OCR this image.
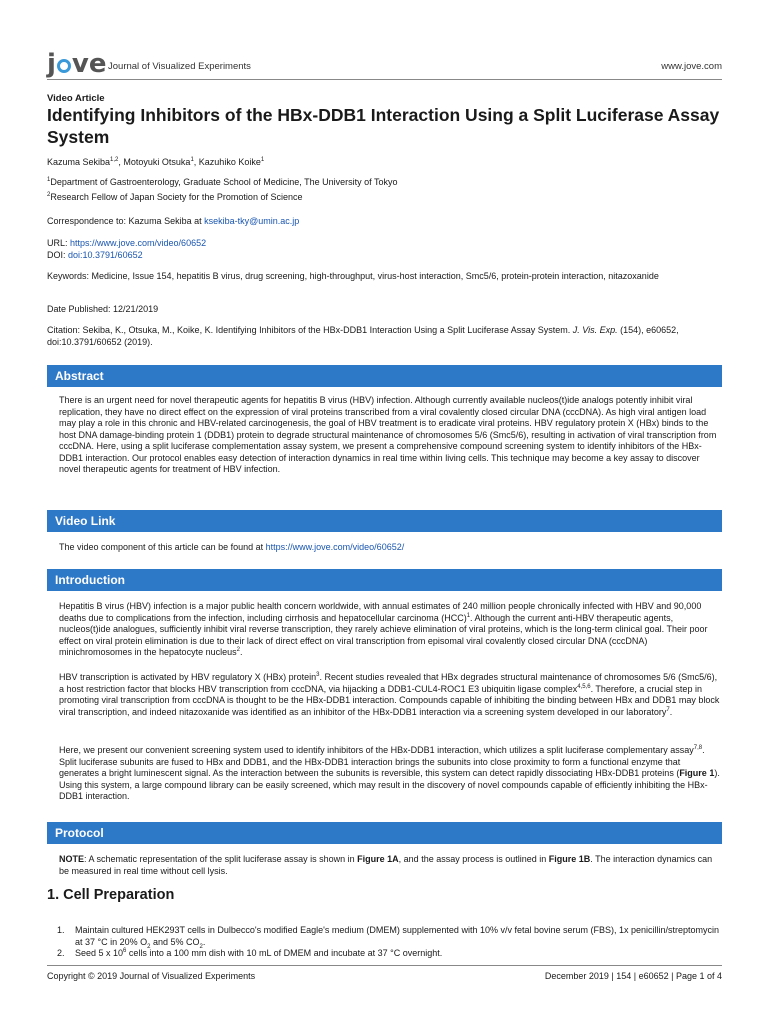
j ve Journal of Visualized Experiments	www.jove.com
Video Article
Identifying Inhibitors of the HBx-DDB1 Interaction Using a Split Luciferase Assay System

Kazuma Sekiba$^{1,2}$, Motoyuki Otsuka$^1$, Kazuhiko Koike$^1$

$^1$Department of Gastroenterology, Graduate School of Medicine, The University of Tokyo

$^2$Research Fellow of Japan Society for the Promotion of Science

Correspondence to: Kazuma Sekiba at ksekiba-tky@umin.ac.jp

URL: https://www.jove.com/video/60652

DOI: doi:10.3791/60652

Keywords: Medicine, Issue 154, hepatitis B virus, drug screening, high-throughput, virus-host interaction, Smc5/6, protein-protein interaction, nitazoxanide

Date Published: 12/21/2019

Citation: Sekiba, K., Otsuka, M., Koike, K. Identifying Inhibitors of the HBx-DDB1 Interaction Using a Split Luciferase Assay System. J. Vis. Exp. (154), e60652, doi:10.3791/60652 (2019).

Abstract

There is an urgent need for novel therapeutic agents for hepatitis B virus (HBV) infection. Although currently available nucleos(t)ide analogs potently inhibit viral replication, they have no direct effect on the expression of viral proteins transcribed from a viral covalently closed circular DNA (cccDNA). As high viral antigen load may play a role in this chronic and HBV-related carcinogenesis, the goal of HBV treatment is to eradicate viral proteins. HBV regulatory protein X (HBx) binds to the host DNA damage-binding protein 1 (DDB1) protein to degrade structural maintenance of chromosomes 5/6 (Smc5/6), resulting in activation of viral transcription from cccDNA. Here, using a split luciferase complementation assay system, we present a comprehensive compound screening system to identify inhibitors of the HBx-DDB1 interaction. Our protocol enables easy detection of interaction dynamics in real time within living cells. This technique may become a key assay to discover novel therapeutic agents for treatment of HBV infection.

Video Link

The video component of this article can be found at https://www.jove.com/video/60652/

Introduction

Hepatitis B virus (HBV) infection is a major public health concern worldwide, with annual estimates of 240 million people chronically infected with HBV and 90,000 deaths due to complications from the infection, including cirrhosis and hepatocellular carcinoma (HCC)$^1$. Although the current anti-HBV therapeutic agents, nucleos(t)ide analogues, sufficiently inhibit viral reverse transcription, they rarely achieve elimination of viral proteins, which is the long-term clinical goal. Their poor effect on viral protein elimination is due to their lack of direct effect on viral transcription from episomal viral covalently closed circular DNA (cccDNA) minichromosomes in the hepatocyte nucleus$^2$.

HBV transcription is activated by HBV regulatory X (HBx) protein$^3$. Recent studies revealed that HBx degrades structural maintenance of chromosomes 5/6 (Smc5/6), a host restriction factor that blocks HBV transcription from cccDNA, via hijacking a DDB1-CUL4-ROC1 E3 ubiquitin ligase complex$^{4,5,6}$. Therefore, a crucial step in promoting viral transcription from cccDNA is thought to be the HBx-DDB1 interaction. Compounds capable of inhibiting the binding between HBx and DDB1 may block viral transcription, and indeed nitazoxanide was identified as an inhibitor of the HBx-DDB1 interaction via a screening system developed in our laboratory$^7$.

Here, we present our convenient screening system used to identify inhibitors of the HBx-DDB1 interaction, which utilizes a split luciferase complementary assay$^{7,8}$. Split luciferase subunits are fused to HBx and DDB1, and the HBx-DDB1 interaction brings the subunits into close proximity to form a functional enzyme that generates a bright luminescent signal. As the interaction between the subunits is reversible, this system can detect rapidly dissociating HBx-DDB1 proteins (Figure 1). Using this system, a large compound library can be easily screened, which may result in the discovery of novel compounds capable of efficiently inhibiting the HBx-DDB1 interaction.

Protocol

NOTE: A schematic representation of the split luciferase assay is shown in Figure 1A, and the assay process is outlined in Figure 1B. The interaction dynamics can be measured in real time without cell lysis.

1. Cell Preparation
1. Maintain cultured HEK293T cells in Dulbecco's modified Eagle's medium (DMEM) supplemented with 10% v/v fetal bovine serum (FBS), 1x penicillin/streptomycin at 37 °C in 20% $O_2$ and 5% $CO_2$.
2. Seed 5 x $10^6$ cells into a 100 mm dish with 10 mL of DMEM and incubate at 37 °C overnight.
Copyright © 2019 Journal of Visualized Experiments	December 2019 | 154 | e60652 | Page 1 of 4
